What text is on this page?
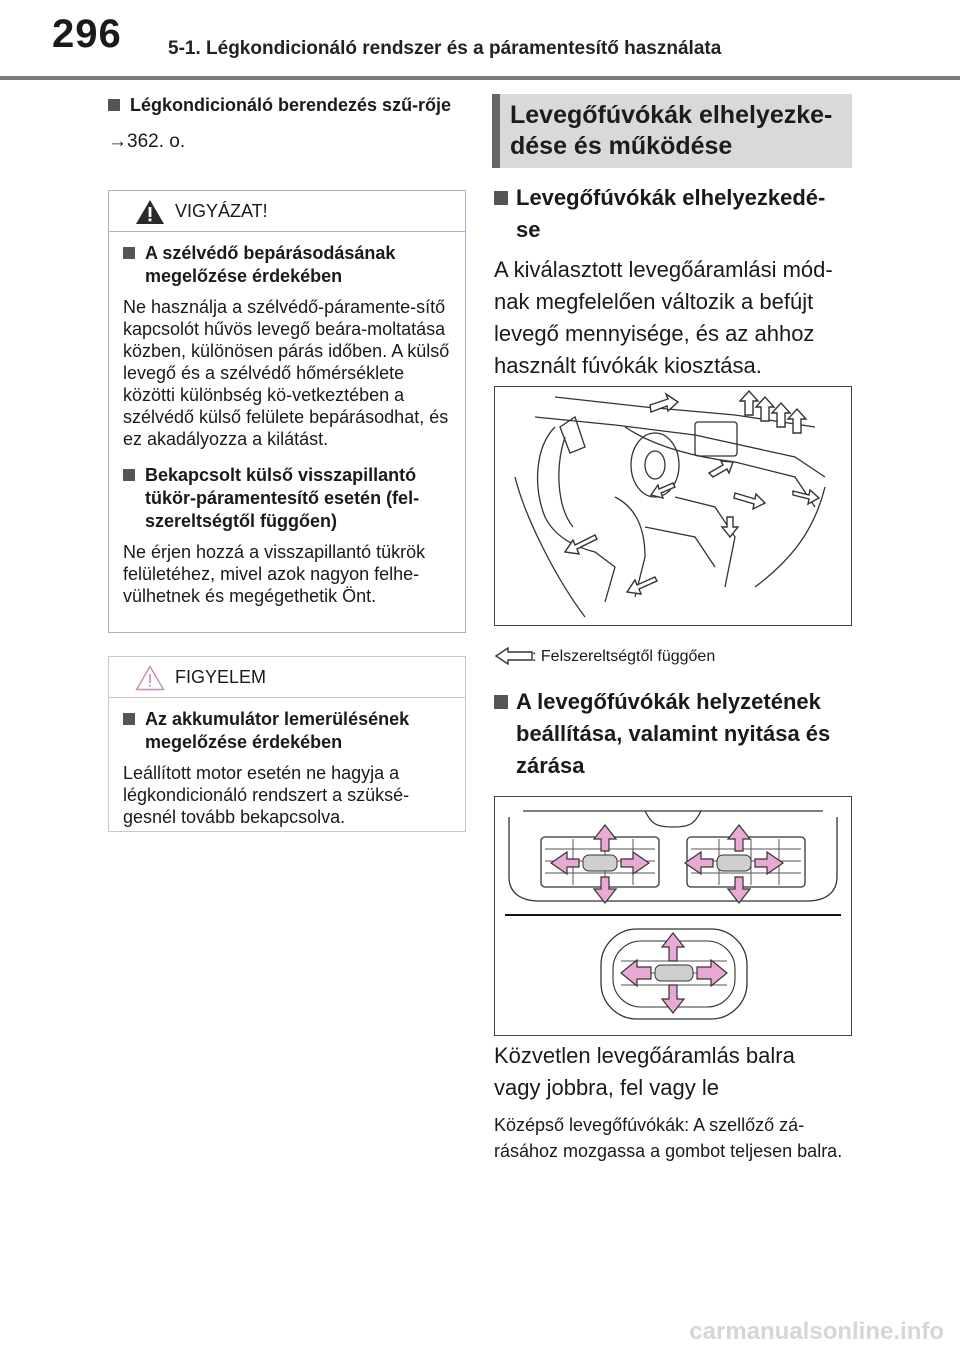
296 5-1. Légkondicionáló rendszer és a páramentesítő használata
Légkondicionáló berendezés szű-rője
→362. o.
VIGYÁZAT!
A szélvédő bepárásodásának megelőzése érdekében

Ne használja a szélvédő-páramente-sítő kapcsolót hűvös levegő beára-moltatása közben, különösen párás időben. A külső levegő és a szélvédő hőmérséklete közötti különbség kö-vetkeztében a szélvédő külső felülete bepárásodhat, és ez akadályozza a kilátást.

Bekapcsolt külső visszapillantó tükör-páramentesítő esetén (fel-szereltségtől függően)

Ne érjen hozzá a visszapillantó tükrök felületéhez, mivel azok nagyon felhe-vülhetnek és megégethetik Önt.

FIGYELEM
Az akkumulátor lemerülésének megelőzése érdekében

Leállított motor esetén ne hagyja a légkondicionáló rendszert a szüksé-gesnél tovább bekapcsolva.

Levegőfúvókák elhelyezke-dése és működése
Levegőfúvókák elhelyezkedé-se
A kiválasztott levegőáramlási mód-nak megfelelően változik a befújt levegő mennyisége, és az ahhoz használt fúvókák kiosztása.
: Felszereltségtől függően
A levegőfúvókák helyzetének beállítása, valamint nyitása és zárása
Közvetlen levegőáramlás balra vagy jobbra, fel vagy le
Középső levegőfúvókák: A szellőző zá-rásához mozgassa a gombot teljesen balra.
carmanualsonline.info
